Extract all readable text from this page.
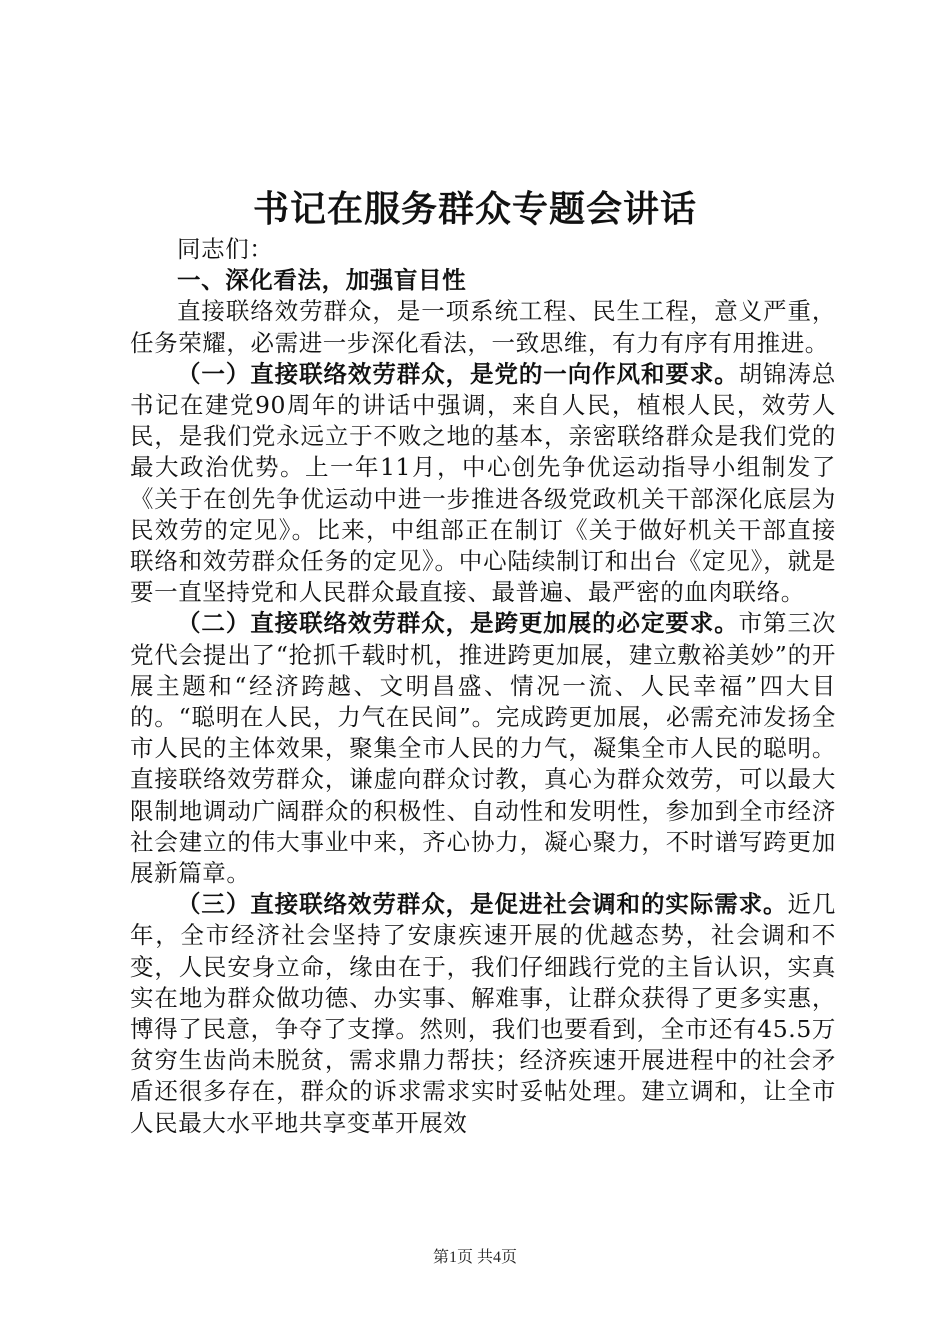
书记在服务群众专题会讲话

同志们：

一、深化看法，加强盲目性

直接联络效劳群众，是一项系统工程、民生工程，意义严重，任务荣耀，必需进一步深化看法，一致思维，有力有序有用推进。

（一）直接联络效劳群众，是党的一向作风和要求。胡锦涛总书记在建党90周年的讲话中强调，来自人民，植根人民，效劳人民，是我们党永远立于不败之地的基本，亲密联络群众是我们党的最大政治优势。上一年11月，中心创先争优运动指导小组制发了《关于在创先争优运动中进一步推进各级党政机关干部深化底层为民效劳的定见》。比来，中组部正在制订《关于做好机关干部直接联络和效劳群众任务的定见》。中心陆续制订和出台《定见》，就是要一直坚持党和人民群众最直接、最普遍、最严密的血肉联络。

（二）直接联络效劳群众，是跨更加展的必定要求。市第三次党代会提出了“抢抓千载时机，推进跨更加展，建立敷裕美妙”的开展主题和“经济跨越、文明昌盛、情况一流、人民幸福”四大目的。“聪明在人民，力气在民间”。完成跨更加展，必需充沛发扬全市人民的主体效果，聚集全市人民的力气，凝集全市人民的聪明。直接联络效劳群众，谦虚向群众讨教，真心为群众效劳，可以最大限制地调动广阔群众的积极性、自动性和发明性，参加到全市经济社会建立的伟大事业中来，齐心协力，凝心聚力，不时谱写跨更加展新篇章。

（三）直接联络效劳群众，是促进社会调和的实际需求。近几年，全市经济社会坚持了安康疾速开展的优越态势，社会调和不变，人民安身立命，缘由在于，我们仔细践行党的主旨认识，实真实在地为群众做功德、办实事、解难事，让群众获得了更多实惠，博得了民意，争夺了支撑。然则，我们也要看到，全市还有45.5万贫穷生齿尚未脱贫，需求鼎力帮扶；经济疾速开展进程中的社会矛盾还很多存在，群众的诉求需求实时妥帖处理。建立调和，让全市人民最大水平地共享变革开展效

第1页 共4页
